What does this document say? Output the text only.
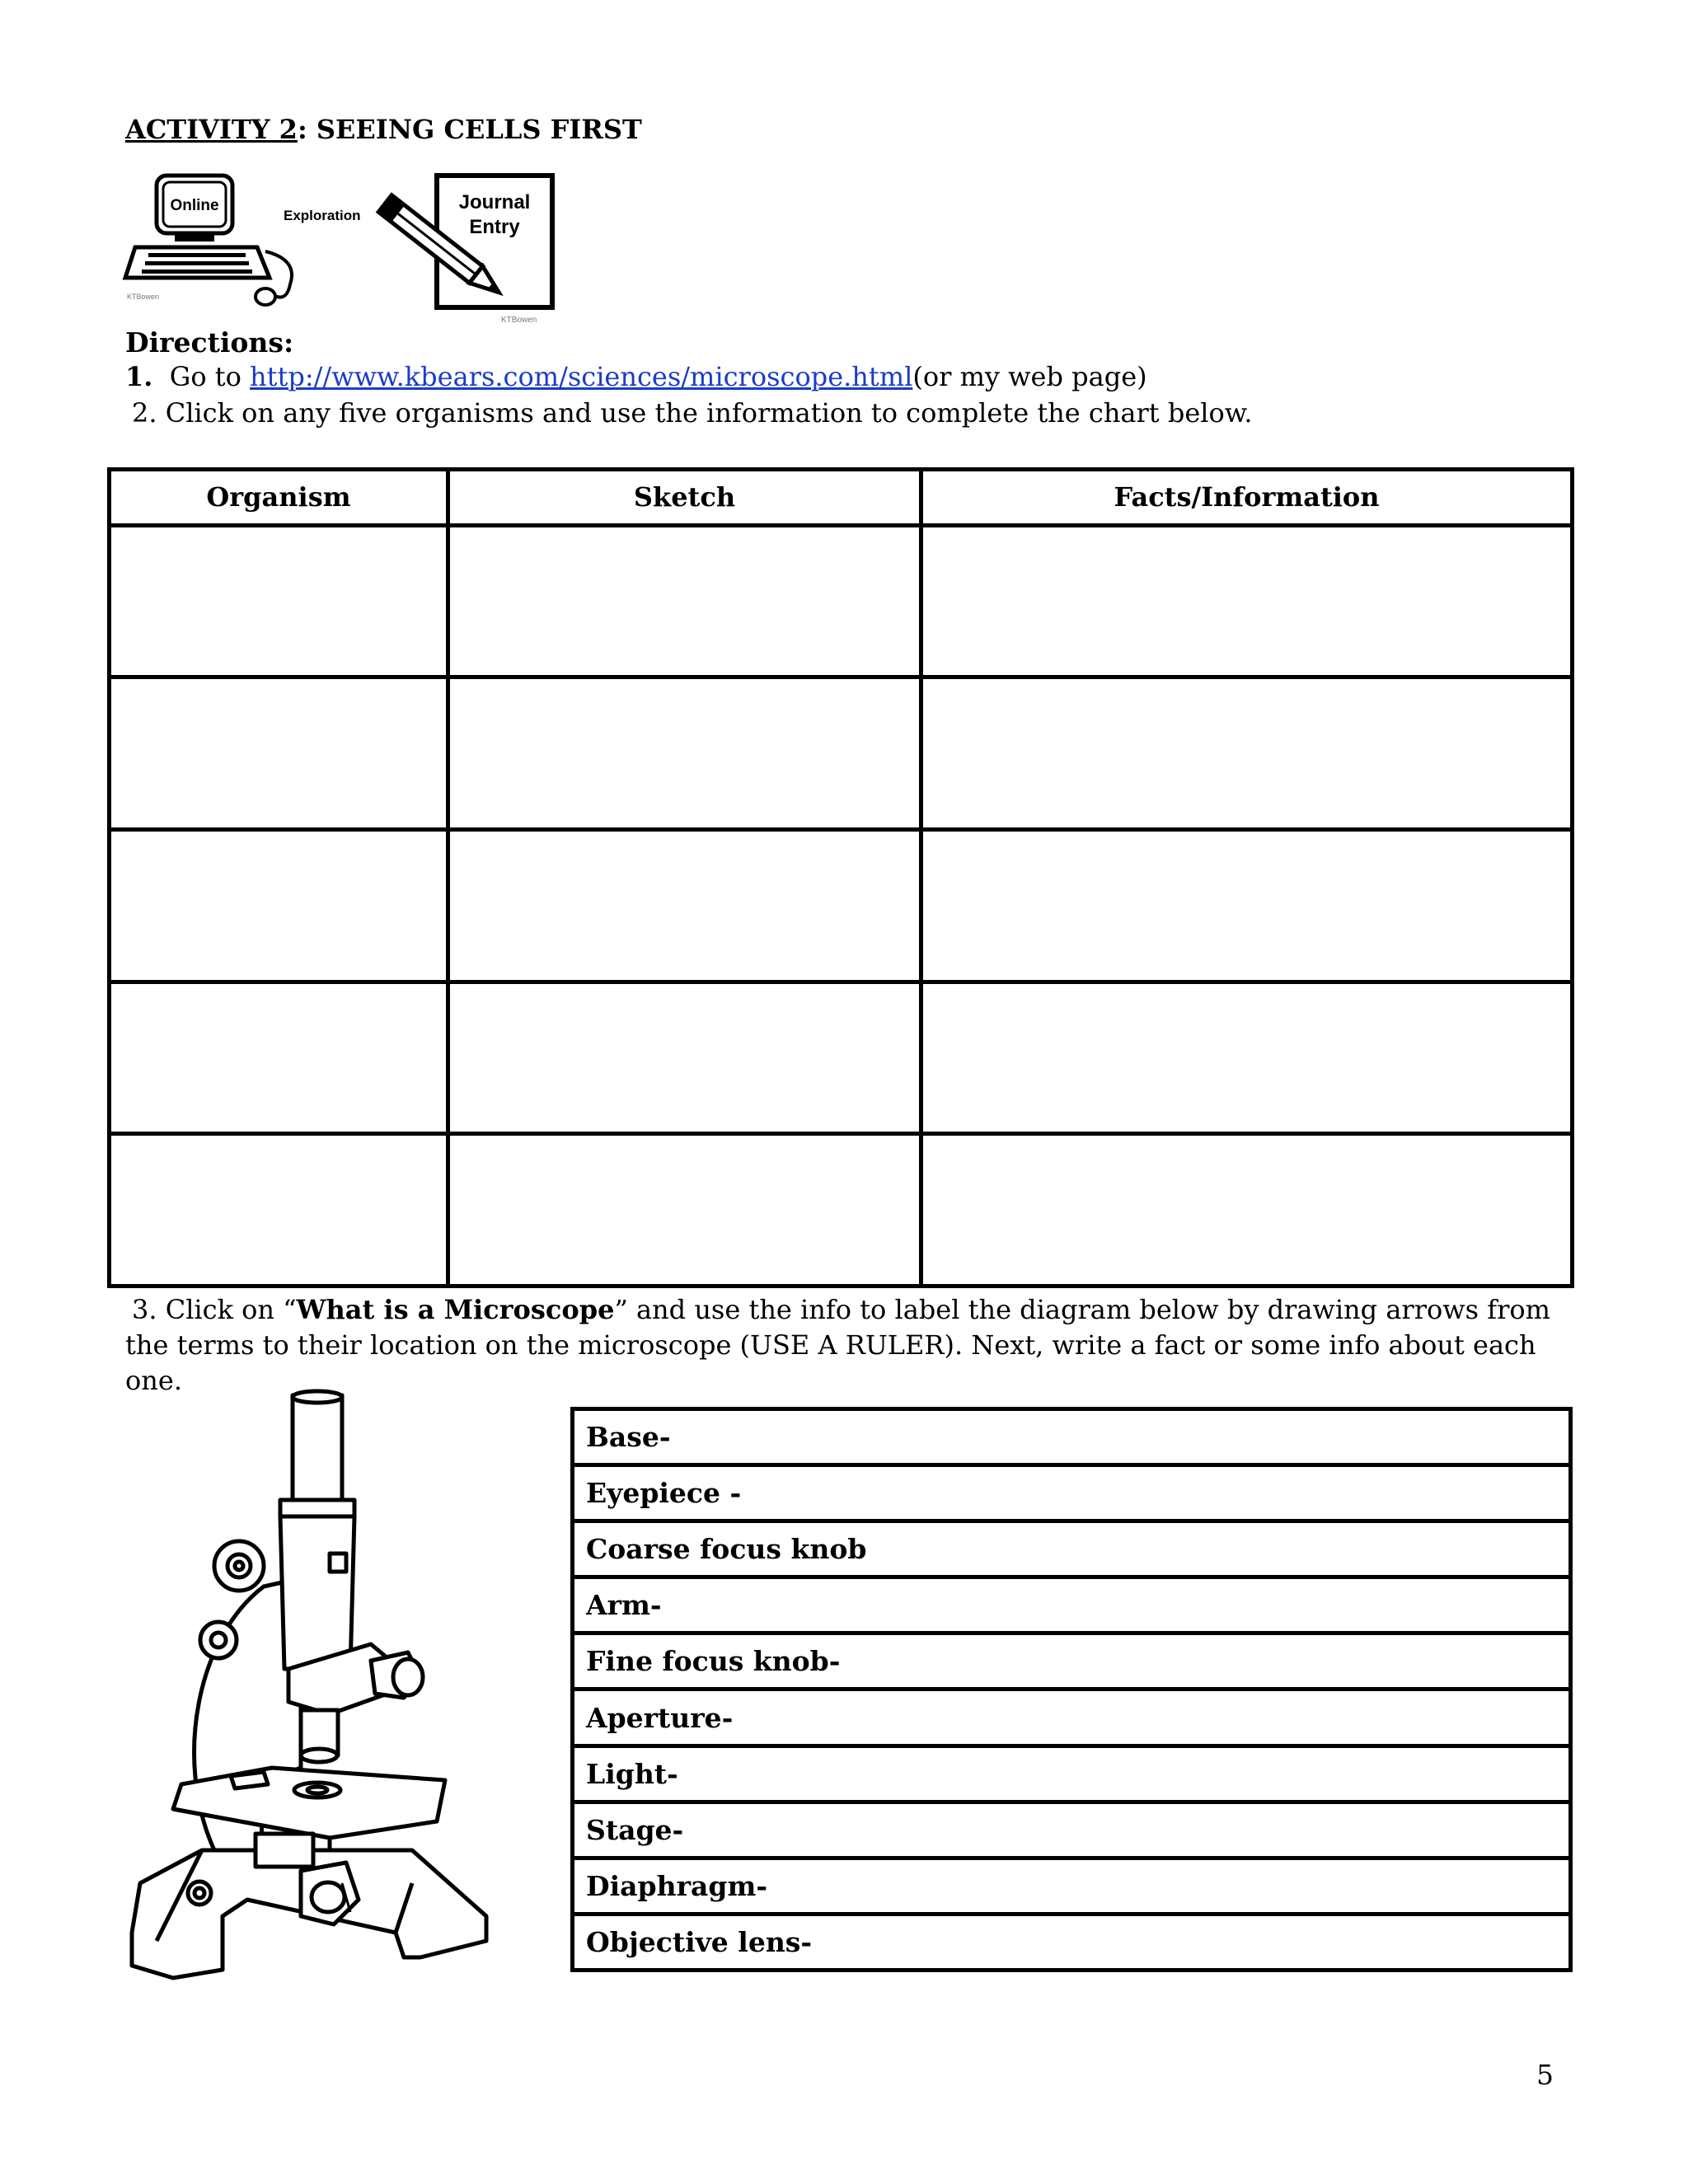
ACTIVITY 2: SEEING CELLS FIRST
Online
Exploration
KTBowen
Journal
Entry
KTBowen
Directions:
1. Go to http://www.kbears.com/sciences/microscope.html(or my web page)
2. Click on any five organisms and use the information to complete the chart below.
Organism	Sketch	Facts/Information

3. Click on “What is a Microscope” and use the info to label the diagram below by drawing arrows from the terms to their location on the microscope (USE A RULER). Next, write a fact or some info about each one.
Base-
Eyepiece -
Coarse focus knob
Arm-
Fine focus knob-
Aperture-
Light-
Stage-
Diaphragm-
Objective lens-
5
